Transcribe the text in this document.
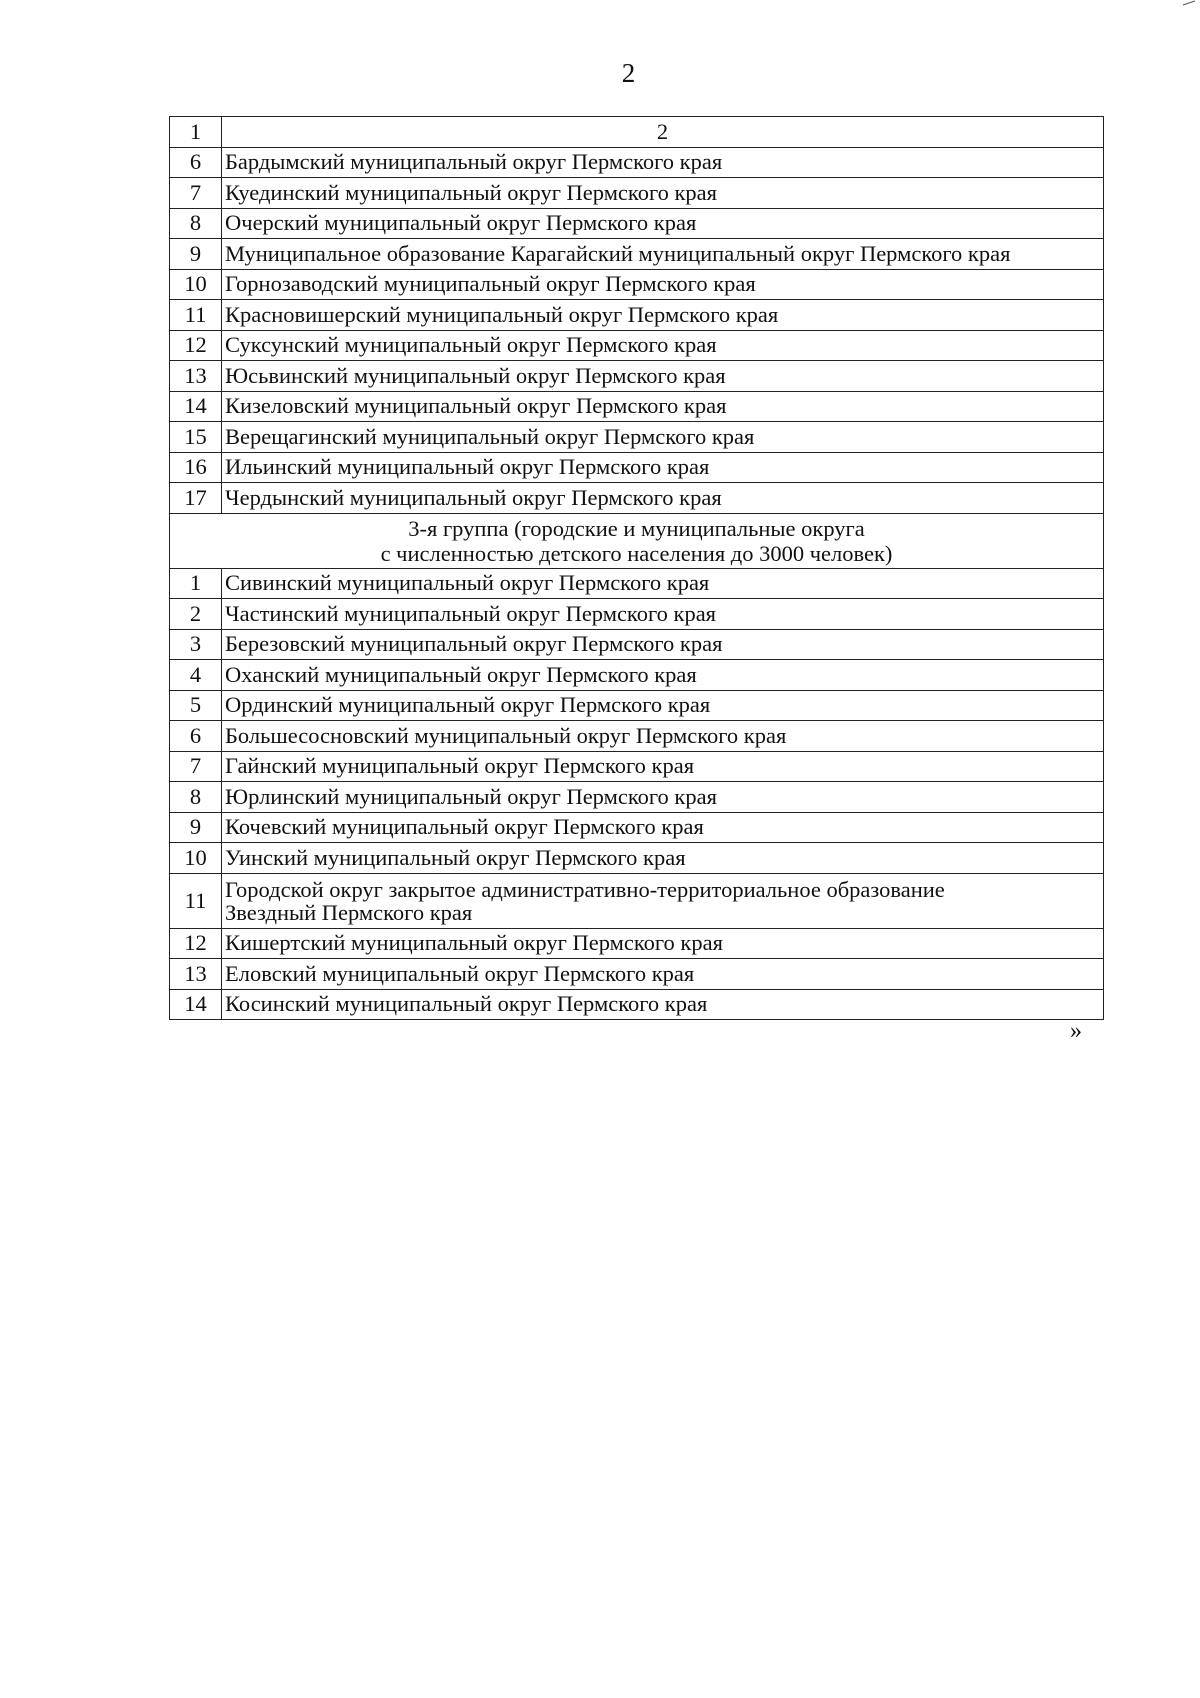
2
1	2
6	Бардымский муниципальный округ Пермского края
7	Куединский муниципальный округ Пермского края
8	Очерский муниципальный округ Пермского края
9	Муниципальное образование Карагайский муниципальный округ Пермского края
10	Горнозаводский муниципальный округ Пермского края
11	Красновишерский муниципальный округ Пермского края
12	Суксунский муниципальный округ Пермского края
13	Юсьвинский муниципальный округ Пермского края
14	Кизеловский муниципальный округ Пермского края
15	Верещагинский муниципальный округ Пермского края
16	Ильинский муниципальный округ Пермского края
17	Чердынский муниципальный округ Пермского края
3-я группа (городские и муниципальные округа
с численностью детского населения до 3000 человек)	
1	Сивинский муниципальный округ Пермского края
2	Частинский муниципальный округ Пермского края
3	Березовский муниципальный округ Пермского края
4	Оханский муниципальный округ Пермского края
5	Ординский муниципальный округ Пермского края
6	Большесосновский муниципальный округ Пермского края
7	Гайнский муниципальный округ Пермского края
8	Юрлинский муниципальный округ Пермского края
9	Кочевский муниципальный округ Пермского края
10	Уинский муниципальный округ Пермского края
11	Городской округ закрытое административно-территориальное образование
Звездный Пермского края
12	Кишертский муниципальный округ Пермского края
13	Еловский муниципальный округ Пермского края
14	Косинский муниципальный округ Пермского края
»
